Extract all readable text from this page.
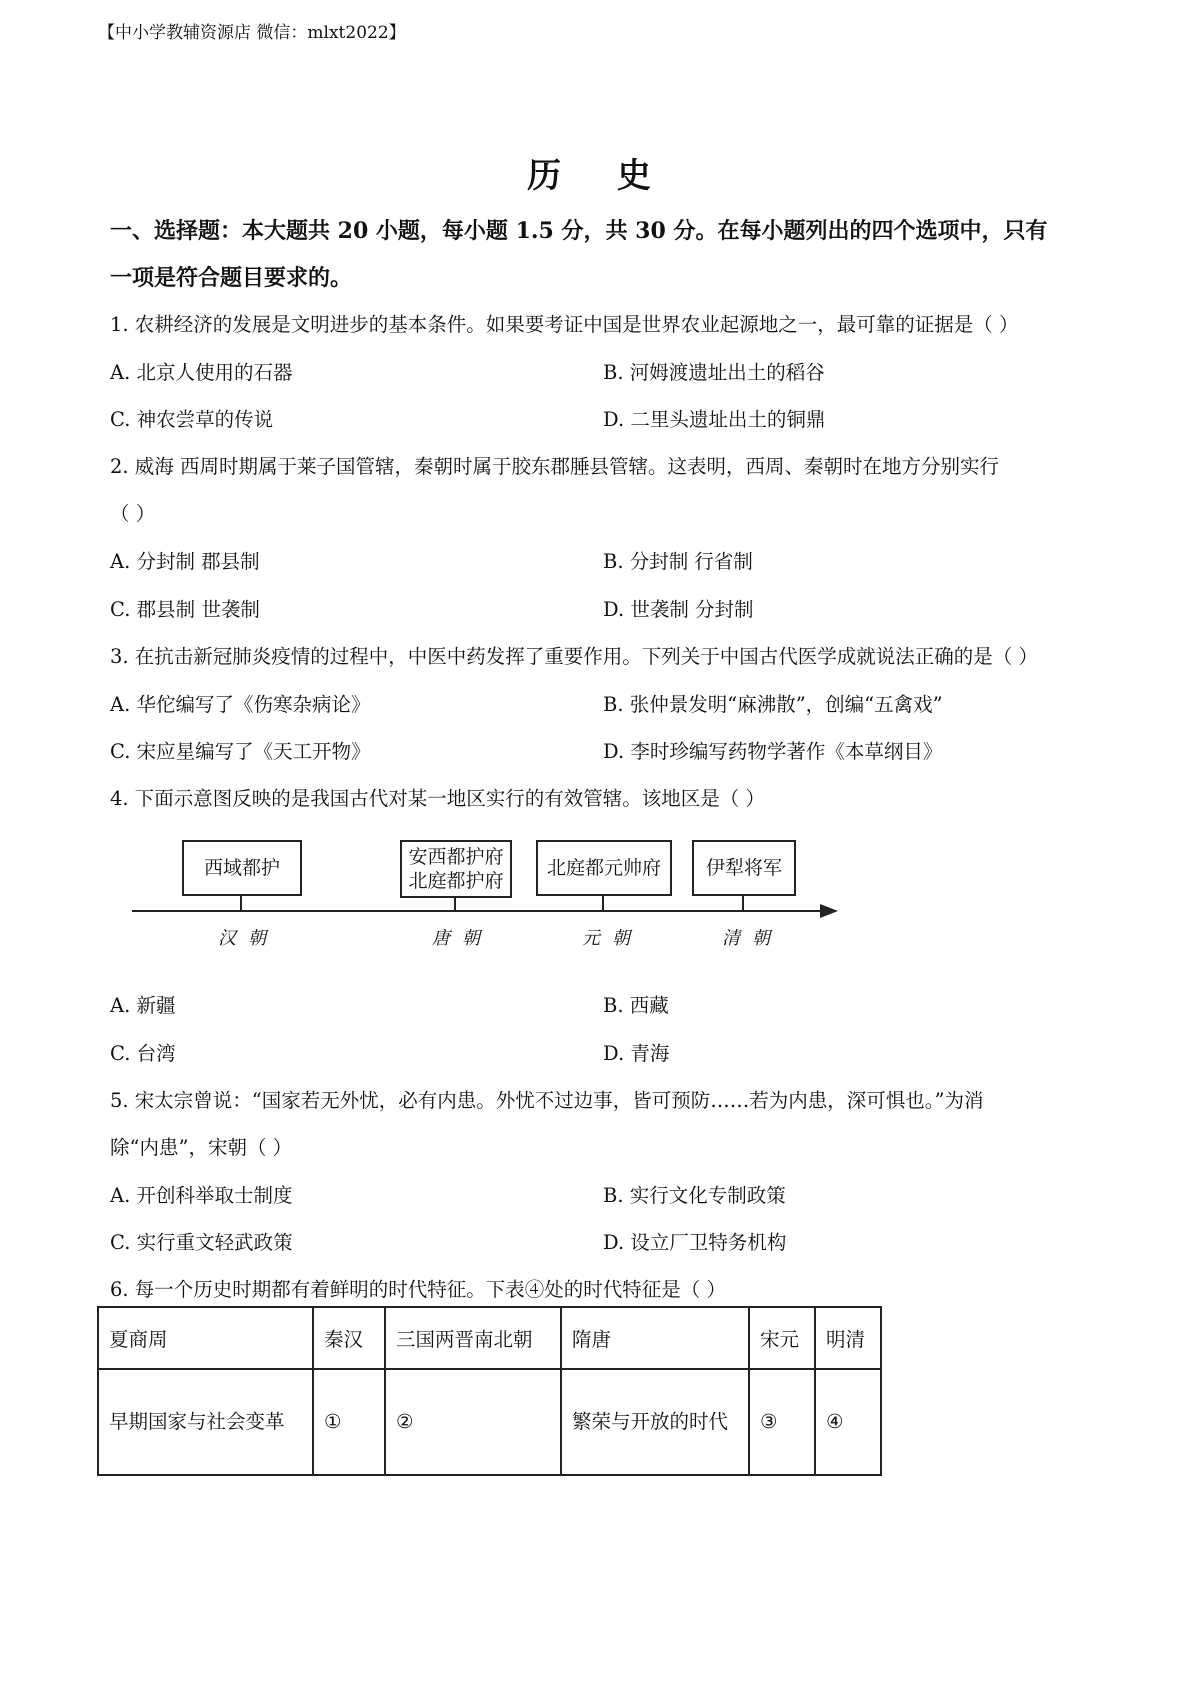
【中小学教辅资源店 微信：mlxt2022】
历 史
一、选择题：本大题共 20 小题，每小题 1.5 分，共 30 分。在每小题列出的四个选项中，只有
一项是符合题目要求的。
1. 农耕经济的发展是文明进步的基本条件。如果要考证中国是世界农业起源地之一，最可靠的证据是（ ）
A. 北京人使用的石器	B. 河姆渡遗址出土的稻谷
C. 神农尝草的传说	D. 二里头遗址出土的铜鼎
2. 威海 西周时期属于莱子国管辖，秦朝时属于胶东郡腄县管辖。这表明，西周、秦朝时在地方分别实行
（ ）
A. 分封制 郡县制	B. 分封制 行省制
C. 郡县制 世袭制	D. 世袭制 分封制
3. 在抗击新冠肺炎疫情的过程中，中医中药发挥了重要作用。下列关于中国古代医学成就说法正确的是（ ）
A. 华佗编写了《伤寒杂病论》	B. 张仲景发明“麻沸散”，创编“五禽戏”
C. 宋应星编写了《天工开物》	D. 李时珍编写药物学著作《本草纲目》
4. 下面示意图反映的是我国古代对某一地区实行的有效管辖。该地区是（ ）
西域都护	安西都护府
北庭都护府
北庭都元帅府 伊犁将军
汉朝	唐朝	元朝	清朝
A. 新疆	B. 西藏
C. 台湾	D. 青海
5. 宋太宗曾说：“国家若无外忧，必有内患。外忧不过边事，皆可预防……若为内患，深可惧也。”为消
除“内患”，宋朝（ ）
A. 开创科举取士制度	B. 实行文化专制政策
C. 实行重文轻武政策	D. 设立厂卫特务机构
6. 每一个历史时期都有着鲜明的时代特征。下表④处的时代特征是（ ）
夏商周	秦汉	三国两晋南北朝	隋唐	宋元	明清
早期国家与社会变革	①	②	繁荣与开放的时代	③	④
